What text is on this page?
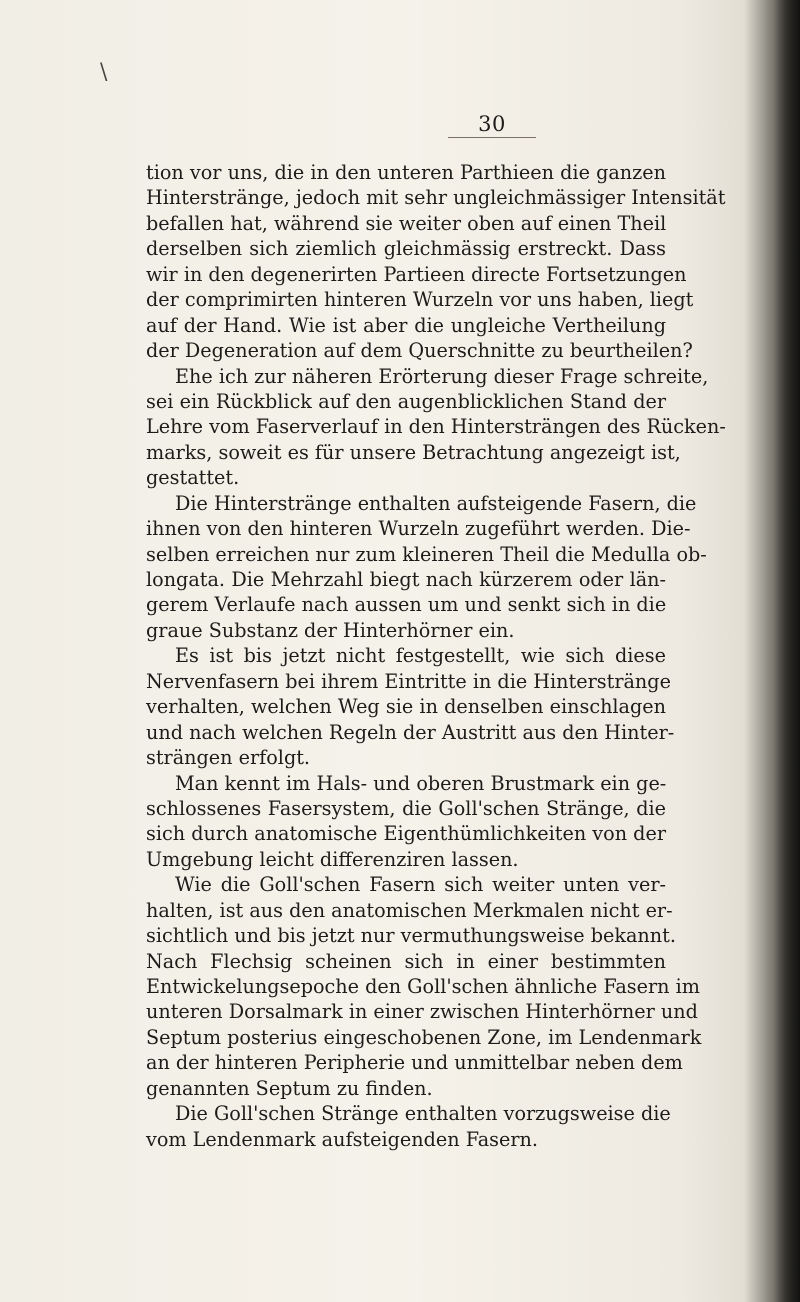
\
30
tion vor uns, die in den unteren Parthieen die ganzen
Hinterstränge, jedoch mit sehr ungleichmässiger Intensität
befallen hat, während sie weiter oben auf einen Theil
derselben sich ziemlich gleichmässig erstreckt. Dass
wir in den degenerirten Partieen directe Fortsetzungen
der comprimirten hinteren Wurzeln vor uns haben, liegt
auf der Hand. Wie ist aber die ungleiche Vertheilung
der Degeneration auf dem Querschnitte zu beurtheilen?
Ehe ich zur näheren Erörterung dieser Frage schreite,
sei ein Rückblick auf den augenblicklichen Stand der
Lehre vom Faserverlauf in den Hintersträngen des Rücken-
marks, soweit es für unsere Betrachtung angezeigt ist,
gestattet.
Die Hinterstränge enthalten aufsteigende Fasern, die
ihnen von den hinteren Wurzeln zugeführt werden. Die-
selben erreichen nur zum kleineren Theil die Medulla ob-
longata. Die Mehrzahl biegt nach kürzerem oder län-
gerem Verlaufe nach aussen um und senkt sich in die
graue Substanz der Hinterhörner ein.
Es ist bis jetzt nicht festgestellt, wie sich diese
Nervenfasern bei ihrem Eintritte in die Hinterstränge
verhalten, welchen Weg sie in denselben einschlagen
und nach welchen Regeln der Austritt aus den Hinter-
strängen erfolgt.
Man kennt im Hals- und oberen Brustmark ein ge-
schlossenes Fasersystem, die Goll'schen Stränge, die
sich durch anatomische Eigenthümlichkeiten von der
Umgebung leicht differenziren lassen.
Wie die Goll'schen Fasern sich weiter unten ver-
halten, ist aus den anatomischen Merkmalen nicht er-
sichtlich und bis jetzt nur vermuthungsweise bekannt.
Nach Flechsig scheinen sich in einer bestimmten
Entwickelungsepoche den Goll'schen ähnliche Fasern im
unteren Dorsalmark in einer zwischen Hinterhörner und
Septum posterius eingeschobenen Zone, im Lendenmark
an der hinteren Peripherie und unmittelbar neben dem
genannten Septum zu finden.
Die Goll'schen Stränge enthalten vorzugsweise die
vom Lendenmark aufsteigenden Fasern.
